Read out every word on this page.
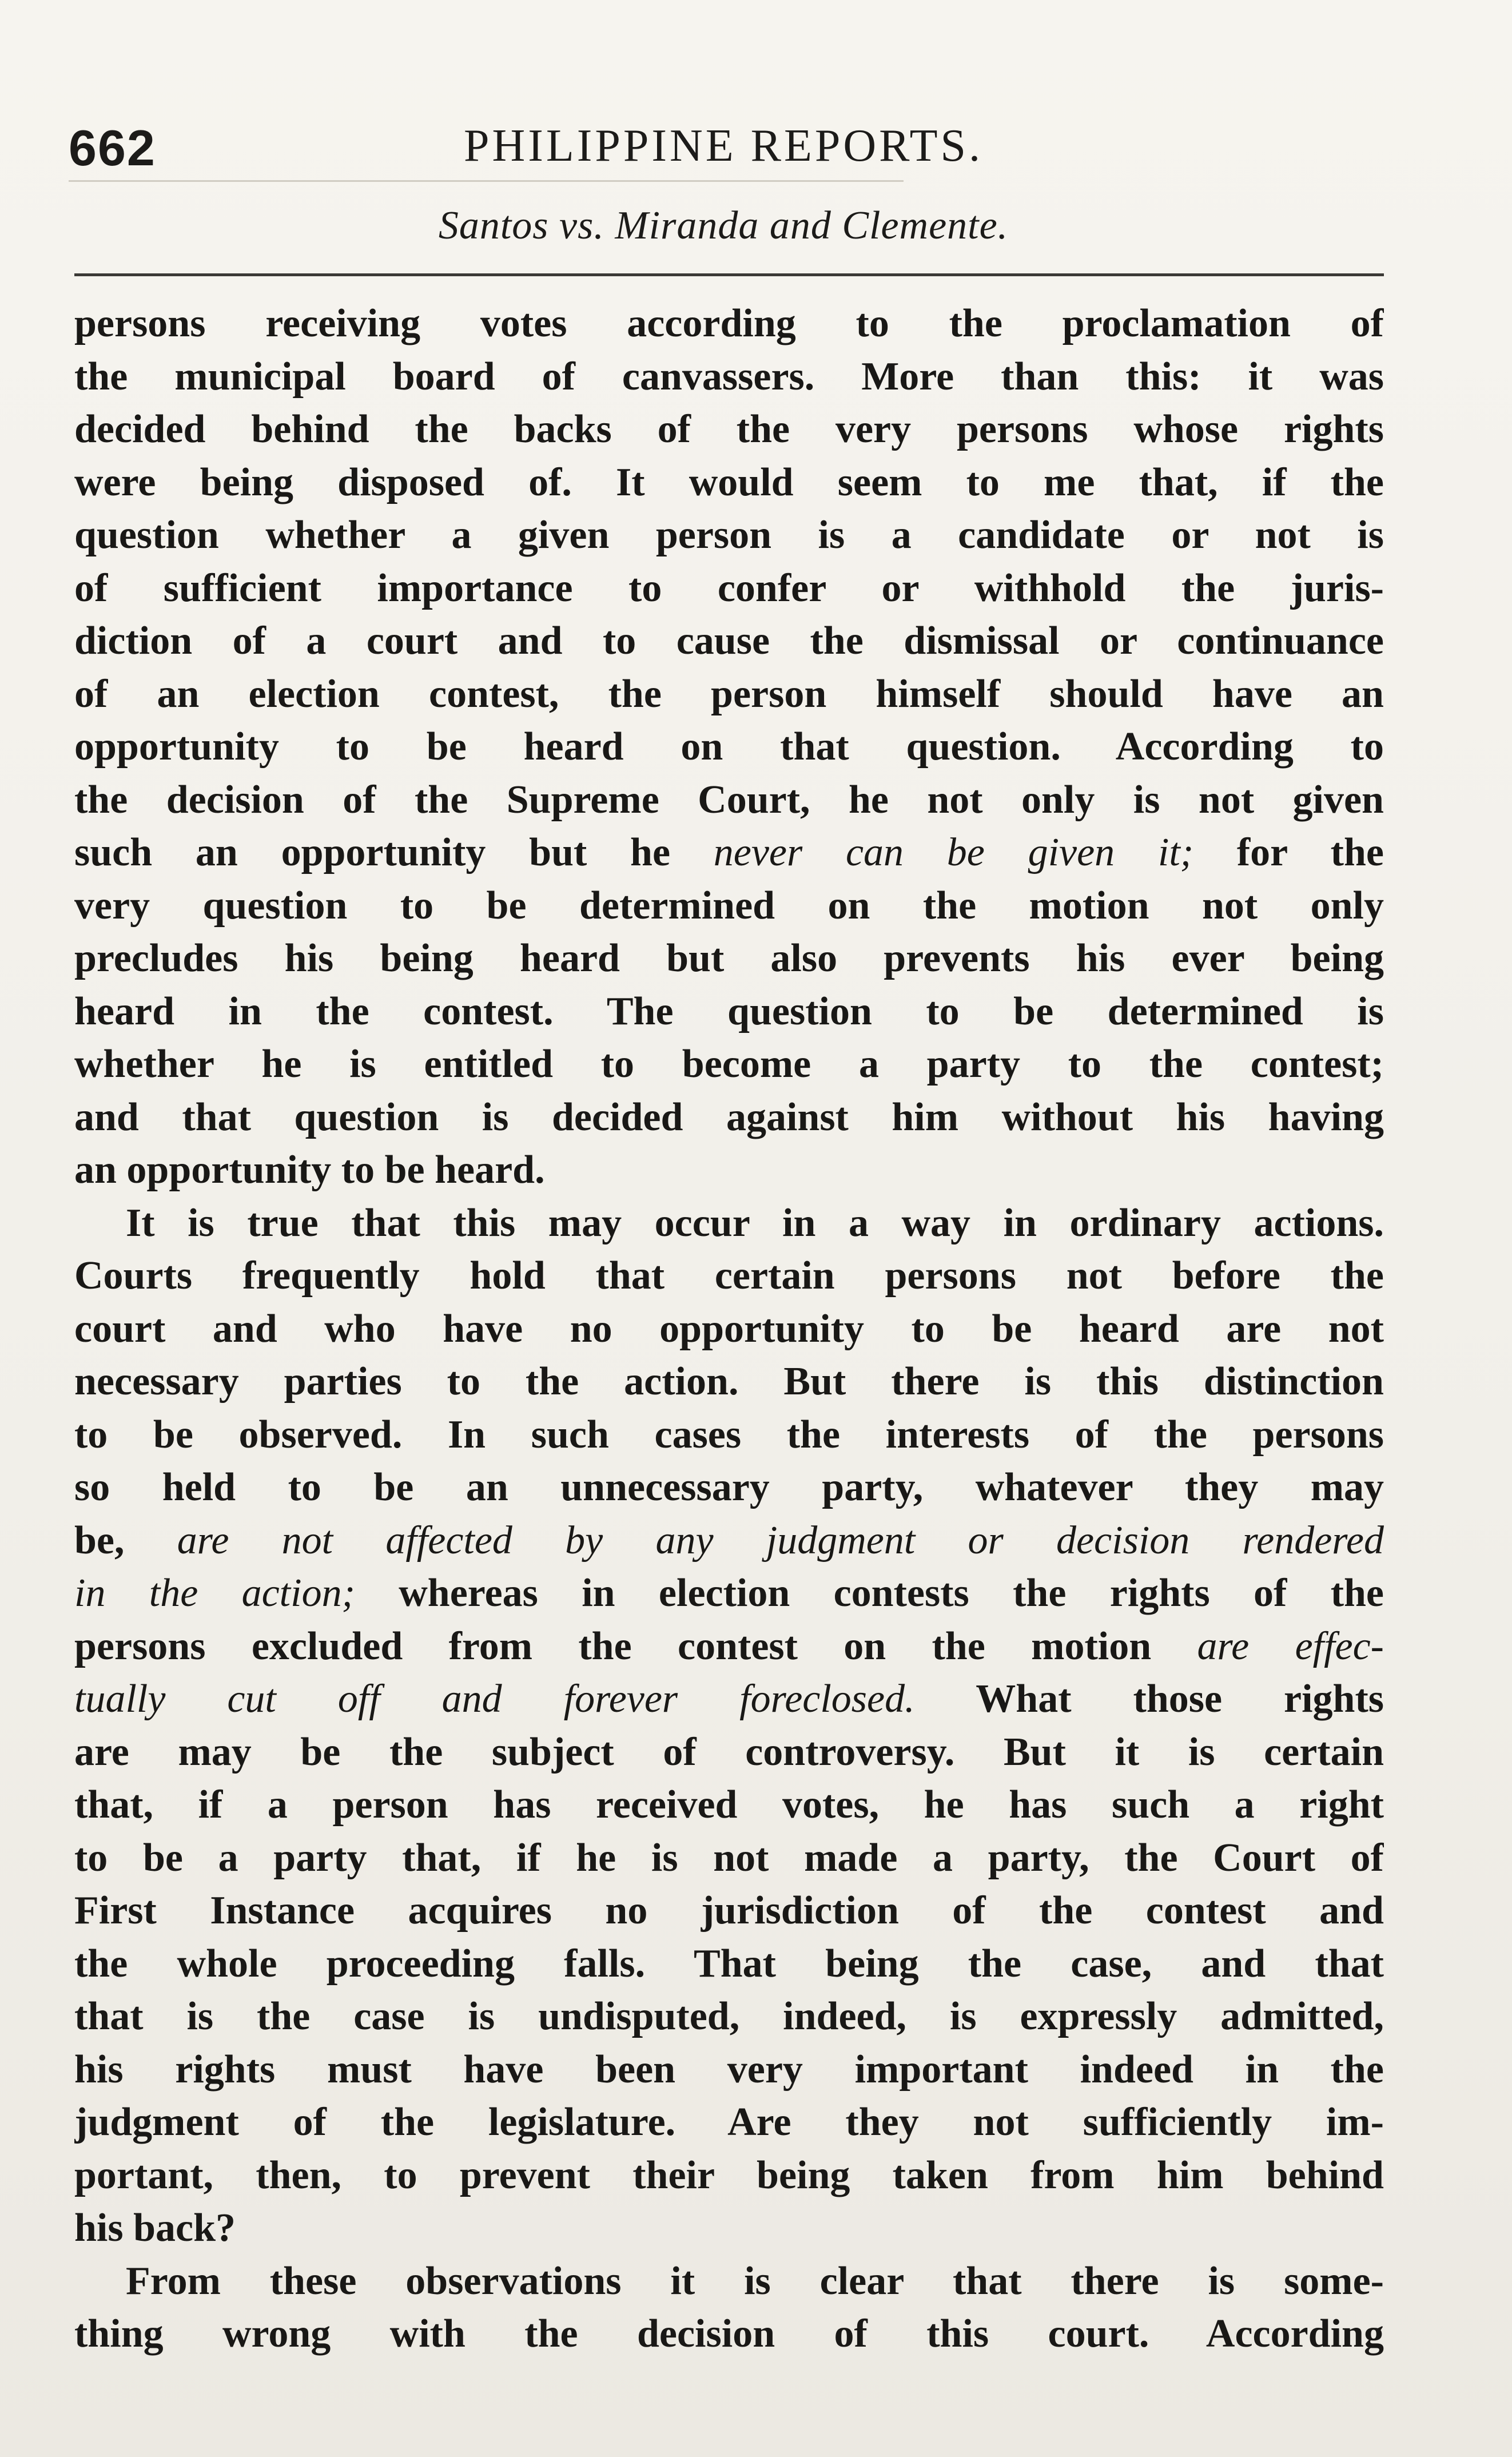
662	PHILIPPINE REPORTS.
Santos vs. Miranda and Clemente.
persons receiving votes according to the proclamation of
the municipal board of canvassers. More than this: it was
decided behind the backs of the very persons whose rights
were being disposed of. It would seem to me that, if the
question whether a given person is a candidate or not is
of sufficient importance to confer or withhold the juris-
diction of a court and to cause the dismissal or continuance
of an election contest, the person himself should have an
opportunity to be heard on that question. According to
the decision of the Supreme Court, he not only is not given
such an opportunity but he never can be given it; for the
very question to be determined on the motion not only
precludes his being heard but also prevents his ever being
heard in the contest. The question to be determined is
whether he is entitled to become a party to the contest;
and that question is decided against him without his having
an opportunity to be heard.
It is true that this may occur in a way in ordinary actions.
Courts frequently hold that certain persons not before the
court and who have no opportunity to be heard are not
necessary parties to the action. But there is this distinction
to be observed. In such cases the interests of the persons
so held to be an unnecessary party, whatever they may
be, are not affected by any judgment or decision rendered
in the action; whereas in election contests the rights of the
persons excluded from the contest on the motion are effec-
tually cut off and forever foreclosed. What those rights
are may be the subject of controversy. But it is certain
that, if a person has received votes, he has such a right
to be a party that, if he is not made a party, the Court of
First Instance acquires no jurisdiction of the contest and
the whole proceeding falls. That being the case, and that
that is the case is undisputed, indeed, is expressly admitted,
his rights must have been very important indeed in the
judgment of the legislature. Are they not sufficiently im-
portant, then, to prevent their being taken from him behind
his back?
From these observations it is clear that there is some-
thing wrong with the decision of this court. According
